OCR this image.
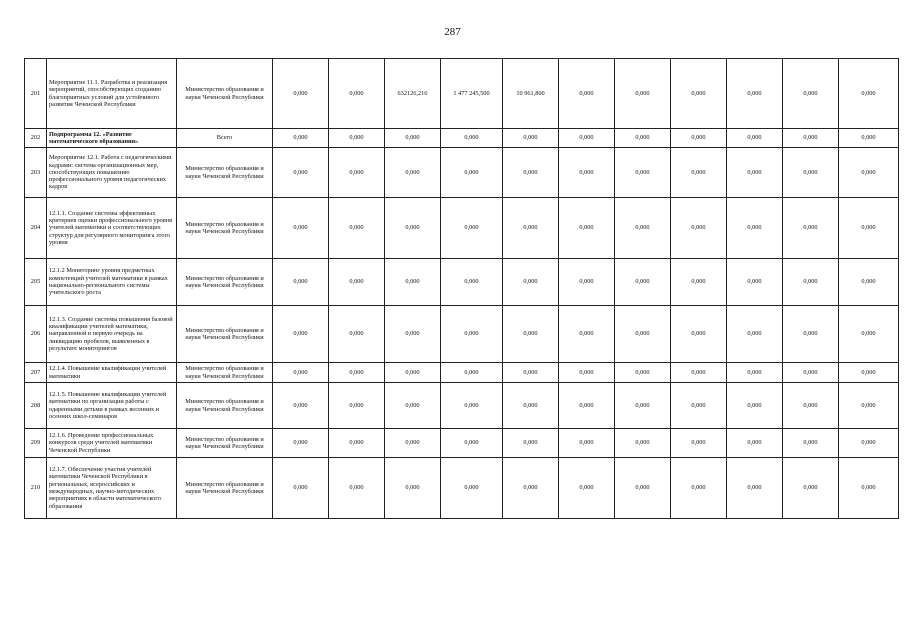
287
201	Мероприятие 11.1. Разработка и реализация мероприятий, способствующих созданию благоприятных условий для устойчивого развития Чеченской Республики	Министерство образования и науки Чеченской Республики	0,000	0,000	632126,216	1 477 245,500	10 961,800	0,000	0,000	0,000	0,000	0,000	0,000
202	Подпрограмма 12. «Развитие математического образования»	Всего	0,000	0,000	0,000	0,000	0,000	0,000	0,000	0,000	0,000	0,000	0,000
203	Мероприятие 12.1. Работа с педагогическими кадрами: система организационных мер, способствующих повышению профессионального уровня педагогических кадров	Министерство образования и науки Чеченской Республики	0,000	0,000	0,000	0,000	0,000	0,000	0,000	0,000	0,000	0,000	0,000
204	12.1.1. Создание системы эффективных критериев оценки профессионального уровня учителей математики и соответствующих структур для регулярного мониторинга этого уровня	Министерство образования и науки Чеченской Республики	0,000	0,000	0,000	0,000	0,000	0,000	0,000	0,000	0,000	0,000	0,000
205	12.1.2 Мониторинг уровня предметных компетенций учителей математики в рамках национально-регионального системы учительского роста	Министерство образования и науки Чеченской Республики	0,000	0,000	0,000	0,000	0,000	0,000	0,000	0,000	0,000	0,000	0,000
206	12.1.3. Создание системы повышения базовой квалификации учителей математики, направленной в первую очередь на ликвидацию пробелов, выявленных в результате мониторингов	Министерство образования и науки Чеченской Республики	0,000	0,000	0,000	0,000	0,000	0,000	0,000	0,000	0,000	0,000	0,000
207	12.1.4. Повышение квалификации учителей математики	Министерство образования и науки Чеченской Республики	0,000	0,000	0,000	0,000	0,000	0,000	0,000	0,000	0,000	0,000	0,000
208	12.1.5. Повышение квалификации учителей математики по организации работы с одаренными детьми в рамках весенних и осенних школ-семинаров	Министерство образования и науки Чеченской Республики	0,000	0,000	0,000	0,000	0,000	0,000	0,000	0,000	0,000	0,000	0,000
209	12.1.6. Проведение профессиональных конкурсов среди учителей математики Чеченской Республики	Министерство образования и науки Чеченской Республики	0,000	0,000	0,000	0,000	0,000	0,000	0,000	0,000	0,000	0,000	0,000
210	12.1.7. Обеспечение участия учителей математики Чеченской Республики в региональных, всероссийских и международных, научно-методических мероприятиях в области математического образования	Министерство образования и науки Чеченской Республики	0,000	0,000	0,000	0,000	0,000	0,000	0,000	0,000	0,000	0,000	0,000
